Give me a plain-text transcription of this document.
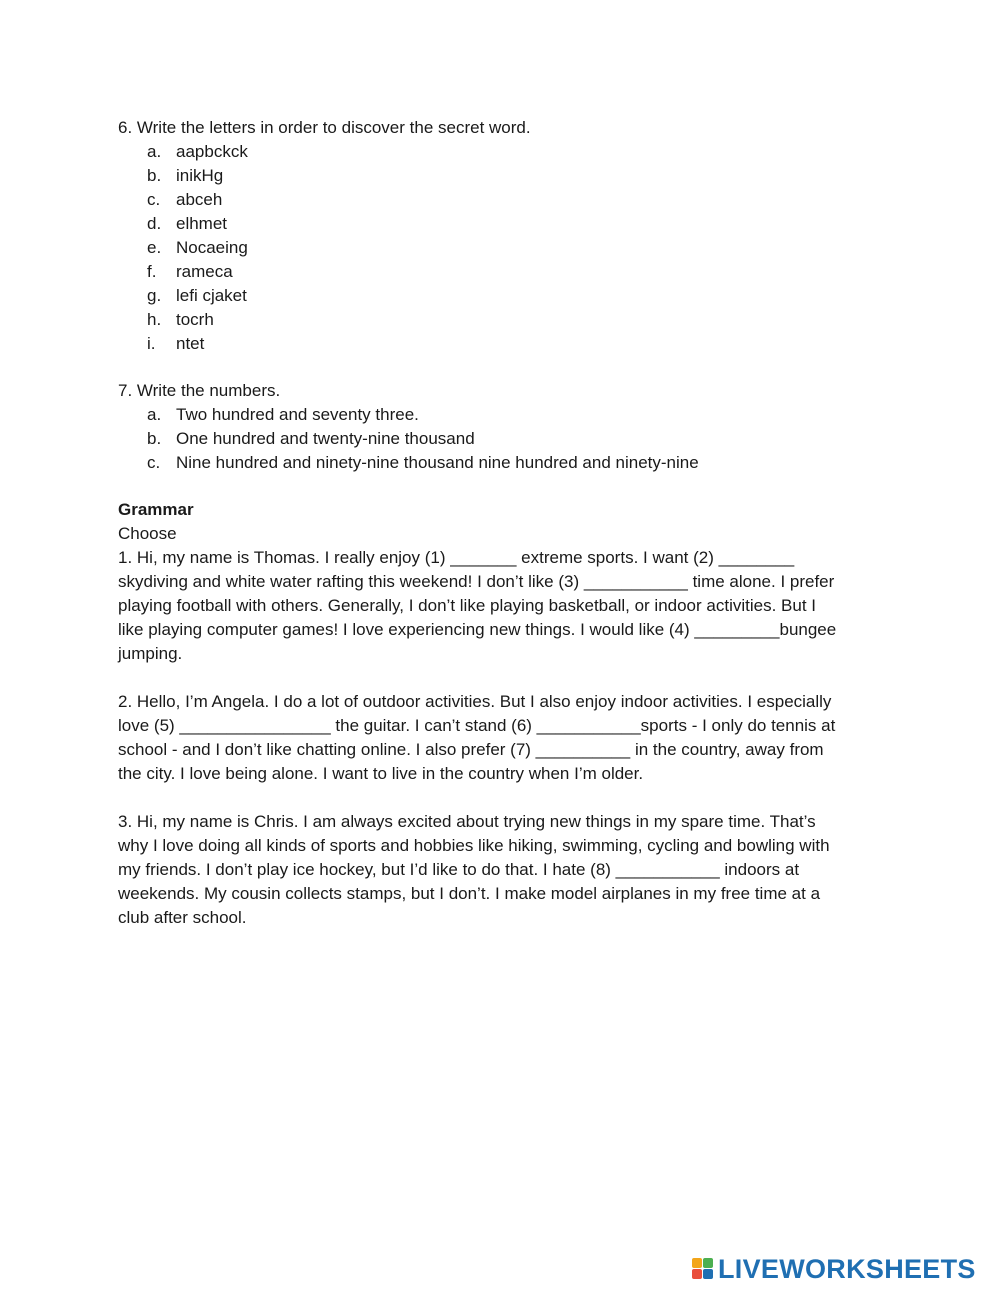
6. Write the letters in order to discover the secret word.

a. aapbckck
b. inikHg
c. abceh
d. elhmet
e. Nocaeing
f. rameca
g. lefi cjaket
h. tocrh
i. ntet

7. Write the numbers.

a. Two hundred and seventy three.
b. One hundred and twenty-nine thousand
c. Nine hundred and ninety-nine thousand nine hundred and ninety-nine

Grammar

Choose

1. Hi, my name is Thomas. I really enjoy (1) _______ extreme sports. I want (2) ________

skydiving and white water rafting this weekend! I don’t like (3) ___________ time alone. I prefer

playing football with others. Generally, I don’t like playing basketball, or indoor activities. But I

like playing computer games! I love experiencing new things. I would like (4) _________bungee

jumping.

2. Hello, I’m Angela. I do a lot of outdoor activities. But I also enjoy indoor activities. I especially

love (5) ________________ the guitar. I can’t stand (6) ___________sports - I only do tennis at

school - and I don’t like chatting online. I also prefer (7) __________ in the country, away from

the city. I love being alone. I want to live in the country when I’m older.

3. Hi, my name is Chris. I am always excited about trying new things in my spare time. That’s

why I love doing all kinds of sports and hobbies like hiking, swimming, cycling and bowling with

my friends. I don’t play ice hockey, but I’d like to do that. I hate (8) ___________ indoors at

weekends. My cousin collects stamps, but I don’t. I make model airplanes in my free time at a

club after school.

LIVEWORKSHEETS
